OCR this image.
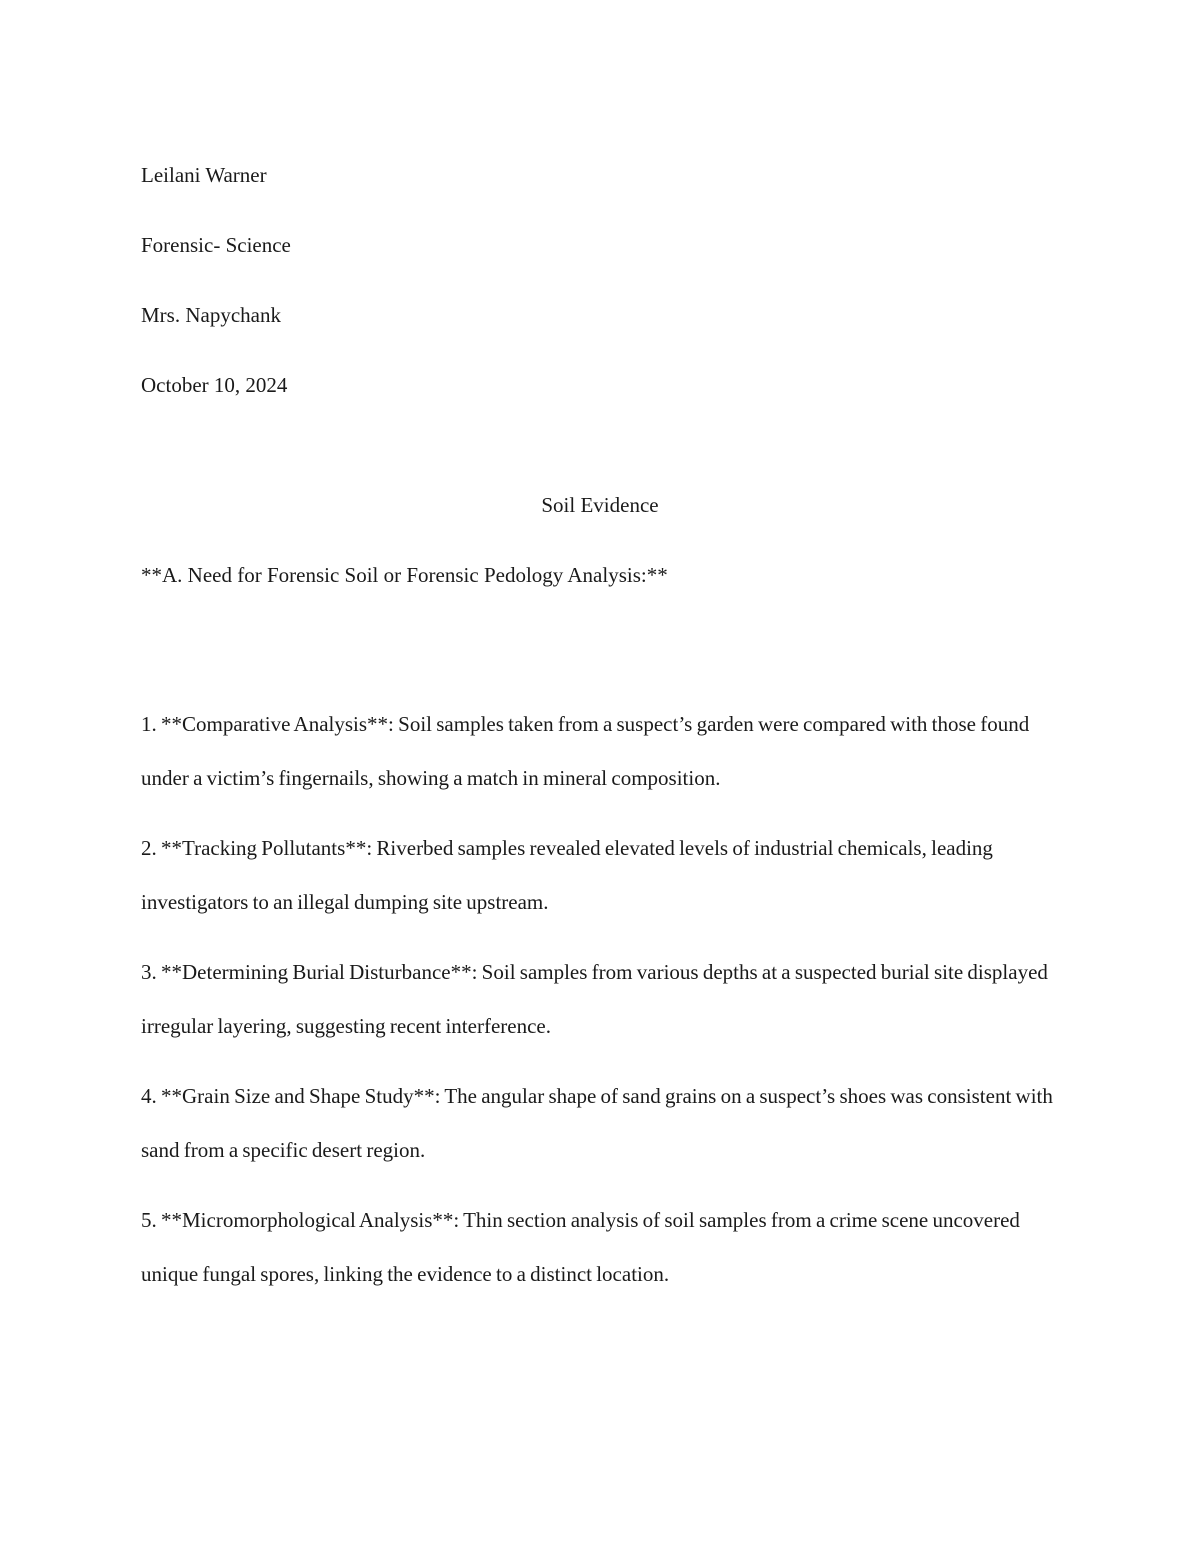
Leilani Warner
Forensic- Science
Mrs. Napychank
October 10, 2024
Soil Evidence
**A. Need for Forensic Soil or Forensic Pedology Analysis:**

1. **Comparative Analysis**: Soil samples taken from a suspect’s garden were compared with those found under a victim’s fingernails, showing a match in mineral composition.

2. **Tracking Pollutants**: Riverbed samples revealed elevated levels of industrial chemicals, leading investigators to an illegal dumping site upstream.

3. **Determining Burial Disturbance**: Soil samples from various depths at a suspected burial site displayed irregular layering, suggesting recent interference.

4. **Grain Size and Shape Study**: The angular shape of sand grains on a suspect’s shoes was consistent with sand from a specific desert region.

5. **Micromorphological Analysis**: Thin section analysis of soil samples from a crime scene uncovered unique fungal spores, linking the evidence to a distinct location.
